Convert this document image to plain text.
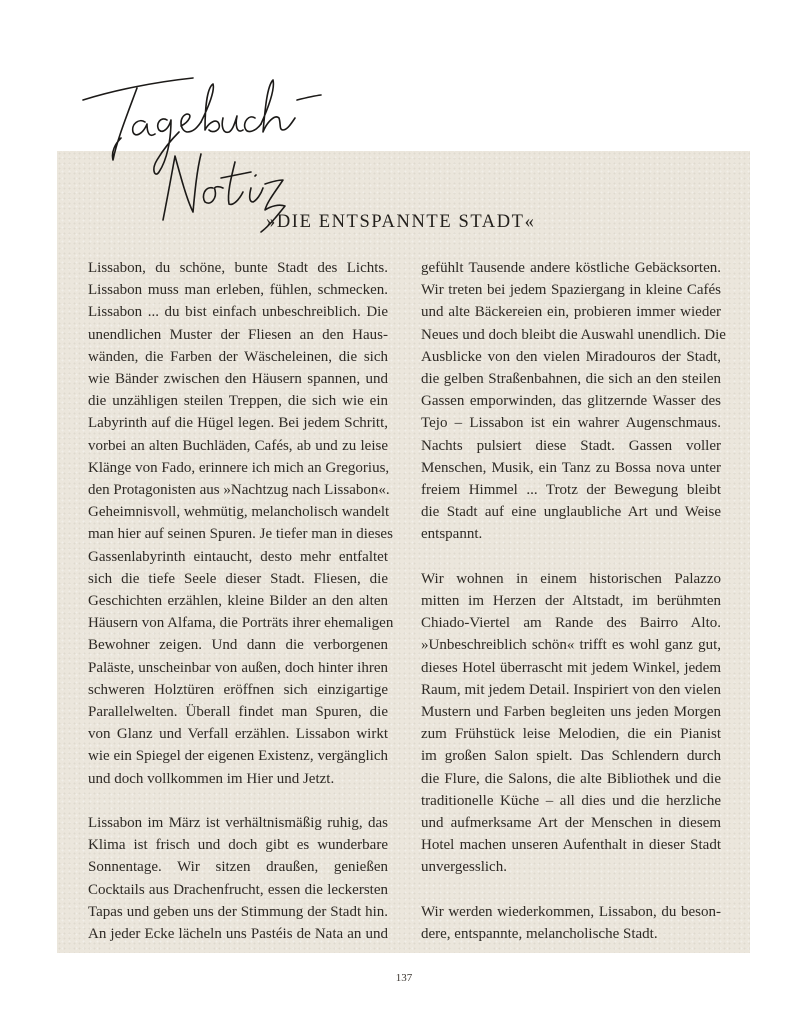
»DIE ENTSPANNTE STADT«

Lissabon, du schöne, bunte Stadt des Lichts.
Lissabon muss man erleben, fühlen, schmecken.
Lissabon ... du bist einfach unbeschreiblich. Die
unendlichen Muster der Fliesen an den Haus-
wänden, die Farben der Wäscheleinen, die sich
wie Bänder zwischen den Häusern spannen, und
die unzähligen steilen Treppen, die sich wie ein
Labyrinth auf die Hügel legen. Bei jedem Schritt,
vorbei an alten Buchläden, Cafés, ab und zu leise
Klänge von Fado, erinnere ich mich an Gregorius,
den Protagonisten aus »Nachtzug nach Lissabon«.
Geheimnisvoll, wehmütig, melancholisch wandelt
man hier auf seinen Spuren. Je tiefer man in dieses
Gassenlabyrinth eintaucht, desto mehr entfaltet
sich die tiefe Seele dieser Stadt. Fliesen, die
Geschichten erzählen, kleine Bilder an den alten
Häusern von Alfama, die Porträts ihrer ehemaligen
Bewohner zeigen. Und dann die verborgenen
Paläste, unscheinbar von außen, doch hinter ihren
schweren Holztüren eröffnen sich einzigartige
Parallelwelten. Überall findet man Spuren, die
von Glanz und Verfall erzählen. Lissabon wirkt
wie ein Spiegel der eigenen Existenz, vergänglich
und doch vollkommen im Hier und Jetzt.

Lissabon im März ist verhältnismäßig ruhig, das
Klima ist frisch und doch gibt es wunderbare
Sonnentage. Wir sitzen draußen, genießen
Cocktails aus Drachenfrucht, essen die leckersten
Tapas und geben uns der Stimmung der Stadt hin.
An jeder Ecke lächeln uns Pastéis de Nata an und

gefühlt Tausende andere köstliche Gebäcksorten.
Wir treten bei jedem Spaziergang in kleine Cafés
und alte Bäckereien ein, probieren immer wieder
Neues und doch bleibt die Auswahl unendlich. Die
Ausblicke von den vielen Miradouros der Stadt,
die gelben Straßenbahnen, die sich an den steilen
Gassen emporwinden, das glitzernde Wasser des
Tejo – Lissabon ist ein wahrer Augenschmaus.
Nachts pulsiert diese Stadt. Gassen voller
Menschen, Musik, ein Tanz zu Bossa nova unter
freiem Himmel ... Trotz der Bewegung bleibt
die Stadt auf eine unglaubliche Art und Weise
entspannt.

Wir wohnen in einem historischen Palazzo
mitten im Herzen der Altstadt, im berühmten
Chiado-Viertel am Rande des Bairro Alto.
»Unbeschreiblich schön« trifft es wohl ganz gut,
dieses Hotel überrascht mit jedem Winkel, jedem
Raum, mit jedem Detail. Inspiriert von den vielen
Mustern und Farben begleiten uns jeden Morgen
zum Frühstück leise Melodien, die ein Pianist
im großen Salon spielt. Das Schlendern durch
die Flure, die Salons, die alte Bibliothek und die
traditionelle Küche – all dies und die herzliche
und aufmerksame Art der Menschen in diesem
Hotel machen unseren Aufenthalt in dieser Stadt
unvergesslich.

Wir werden wiederkommen, Lissabon, du beson-
dere, entspannte, melancholische Stadt.

137
